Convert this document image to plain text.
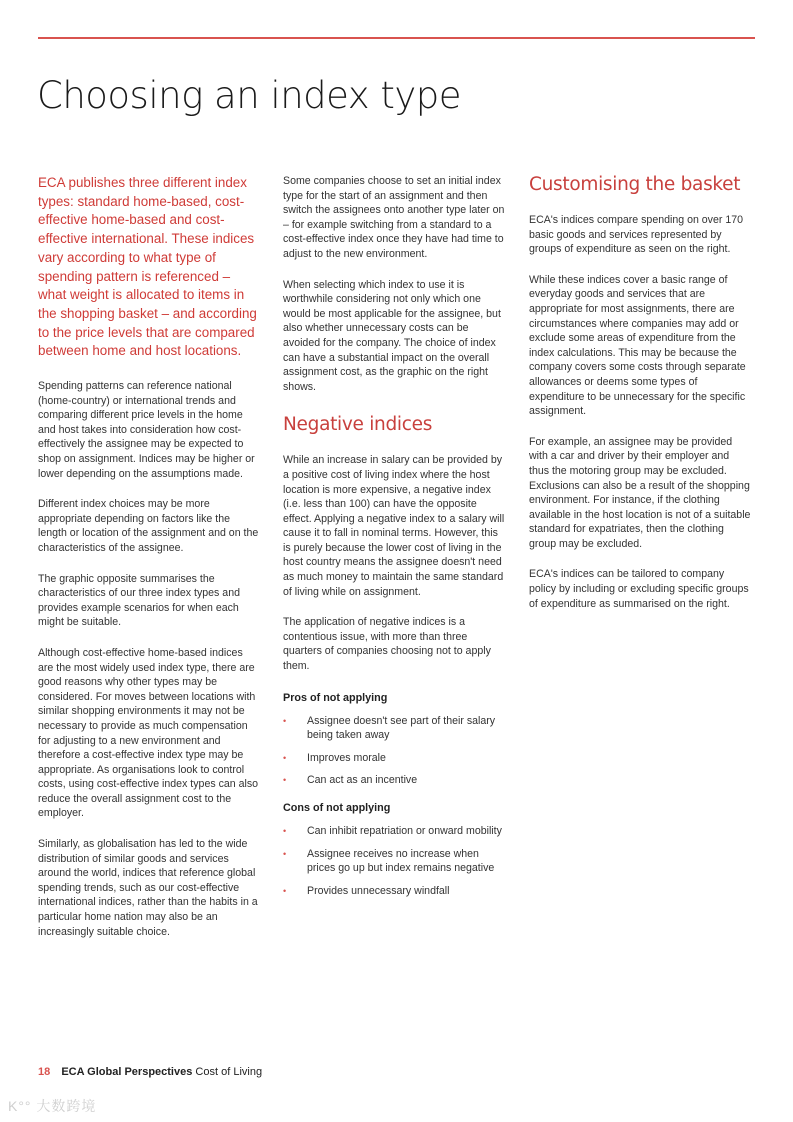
Choosing an index type

ECA publishes three different index types: standard home-based, cost-effective home-based and cost-effective international. These indices vary according to what type of spending pattern is referenced – what weight is allocated to items in the shopping basket – and according to the price levels that are compared between home and host locations.

Spending patterns can reference national (home-country) or international trends and comparing different price levels in the home and host takes into consideration how cost-effectively the assignee may be expected to shop on assignment. Indices may be higher or lower depending on the assumptions made.

Different index choices may be more appropriate depending on factors like the length or location of the assignment and on the characteristics of the assignee.

The graphic opposite summarises the characteristics of our three index types and provides example scenarios for when each might be suitable.

Although cost-effective home-based indices are the most widely used index type, there are good reasons why other types may be considered. For moves between locations with similar shopping environments it may not be necessary to provide as much compensation for adjusting to a new environment and therefore a cost-effective index type may be appropriate. As organisations look to control costs, using cost-effective index types can also reduce the overall assignment cost to the employer.

Similarly, as globalisation has led to the wide distribution of similar goods and services around the world, indices that reference global spending trends, such as our cost-effective international indices, rather than the habits in a particular home nation may also be an increasingly suitable choice.

Some companies choose to set an initial index type for the start of an assignment and then switch the assignees onto another type later on – for example switching from a standard to a cost-effective index once they have had time to adjust to the new environment.

When selecting which index to use it is worthwhile considering not only which one would be most applicable for the assignee, but also whether unnecessary costs can be avoided for the company. The choice of index can have a substantial impact on the overall assignment cost, as the graphic on the right shows.

Negative indices

While an increase in salary can be provided by a positive cost of living index where the host location is more expensive, a negative index (i.e. less than 100) can have the opposite effect. Applying a negative index to a salary will cause it to fall in nominal terms. However, this is purely because the lower cost of living in the host country means the assignee doesn't need as much money to maintain the same standard of living while on assignment.

The application of negative indices is a contentious issue, with more than three quarters of companies choosing not to apply them.

Pros of not applying
• Assignee doesn't see part of their salary being taken away
• Improves morale
• Can act as an incentive
Cons of not applying
• Can inhibit repatriation or onward mobility
• Assignee receives no increase when prices go up but index remains negative
• Provides unnecessary windfall
Customising the basket

ECA's indices compare spending on over 170 basic goods and services represented by groups of expenditure as seen on the right.

While these indices cover a basic range of everyday goods and services that are appropriate for most assignments, there are circumstances where companies may add or exclude some areas of expenditure from the index calculations. This may be because the company covers some costs through separate allowances or deems some types of expenditure to be unnecessary for the specific assignment.

For example, an assignee may be provided with a car and driver by their employer and thus the motoring group may be excluded. Exclusions can also be a result of the shopping environment. For instance, if the clothing available in the host location is not of a suitable standard for expatriates, then the clothing group may be excluded.

ECA's indices can be tailored to company policy by including or excluding specific groups of expenditure as summarised on the right.

18 ECA Global Perspectives Cost of Living
K°° 大数跨境
